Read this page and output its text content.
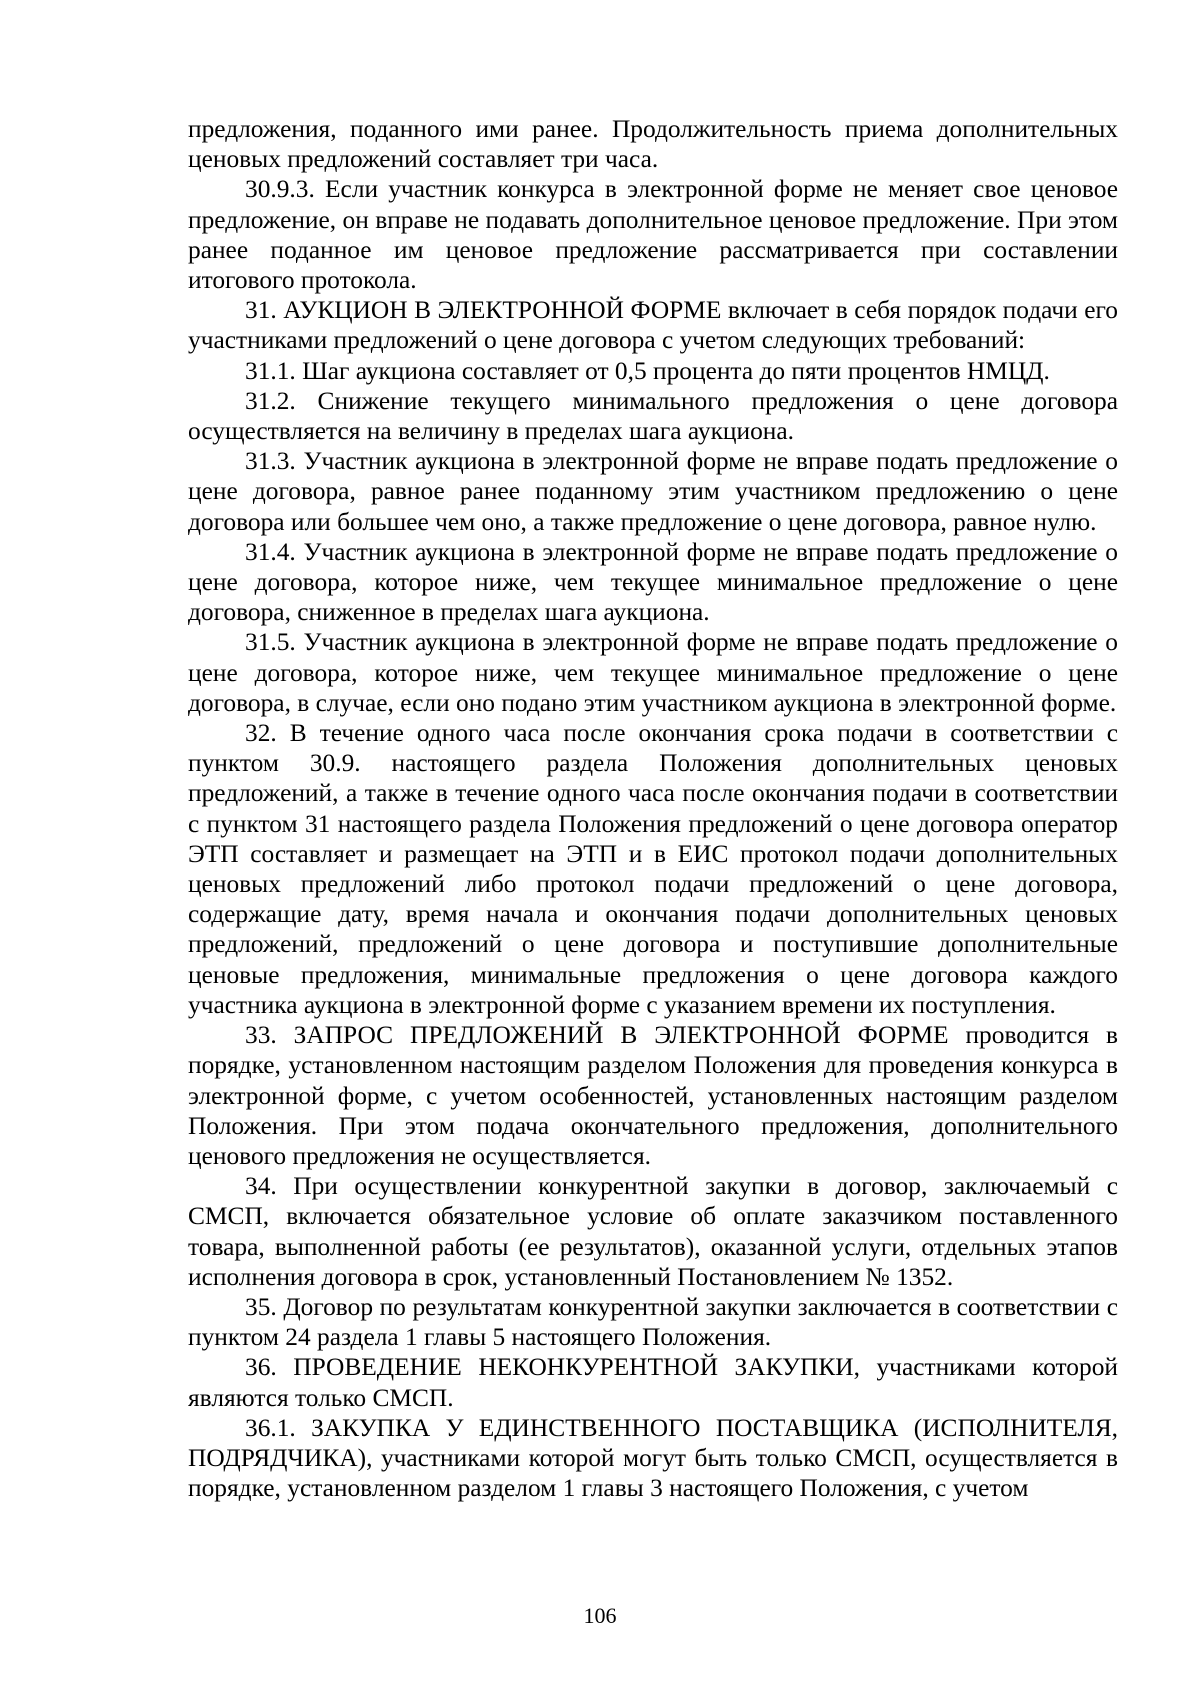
предложения, поданного ими ранее. Продолжительность приема дополнительных ценовых предложений составляет три часа.

30.9.3. Если участник конкурса в электронной форме не меняет свое ценовое предложение, он вправе не подавать дополнительное ценовое предложение. При этом ранее поданное им ценовое предложение рассматривается при составлении итогового протокола.

31. АУКЦИОН В ЭЛЕКТРОННОЙ ФОРМЕ включает в себя порядок подачи его участниками предложений о цене договора с учетом следующих требований:

31.1. Шаг аукциона составляет от 0,5 процента до пяти процентов НМЦД.

31.2. Снижение текущего минимального предложения о цене договора осуществляется на величину в пределах шага аукциона.

31.3. Участник аукциона в электронной форме не вправе подать предложение о цене договора, равное ранее поданному этим участником предложению о цене договора или большее чем оно, а также предложение о цене договора, равное нулю.

31.4. Участник аукциона в электронной форме не вправе подать предложение о цене договора, которое ниже, чем текущее минимальное предложение о цене договора, сниженное в пределах шага аукциона.

31.5. Участник аукциона в электронной форме не вправе подать предложение о цене договора, которое ниже, чем текущее минимальное предложение о цене договора, в случае, если оно подано этим участником аукциона в электронной форме.

32. В течение одного часа после окончания срока подачи в соответствии с пунктом 30.9. настоящего раздела Положения дополнительных ценовых предложений, а также в течение одного часа после окончания подачи в соответствии с пунктом 31 настоящего раздела Положения предложений о цене договора оператор ЭТП составляет и размещает на ЭТП и в ЕИС протокол подачи дополнительных ценовых предложений либо протокол подачи предложений о цене договора, содержащие дату, время начала и окончания подачи дополнительных ценовых предложений, предложений о цене договора и поступившие дополнительные ценовые предложения, минимальные предложения о цене договора каждого участника аукциона в электронной форме с указанием времени их поступления.

33. ЗАПРОС ПРЕДЛОЖЕНИЙ В ЭЛЕКТРОННОЙ ФОРМЕ проводится в порядке, установленном настоящим разделом Положения для проведения конкурса в электронной форме, с учетом особенностей, установленных настоящим разделом Положения. При этом подача окончательного предложения, дополнительного ценового предложения не осуществляется.

34. При осуществлении конкурентной закупки в договор, заключаемый с СМСП, включается обязательное условие об оплате заказчиком поставленного товара, выполненной работы (ее результатов), оказанной услуги, отдельных этапов исполнения договора в срок, установленный Постановлением № 1352.

35. Договор по результатам конкурентной закупки заключается в соответствии с пунктом 24 раздела 1 главы 5 настоящего Положения.

36. ПРОВЕДЕНИЕ НЕКОНКУРЕНТНОЙ ЗАКУПКИ, участниками которой являются только СМСП.

36.1. ЗАКУПКА У ЕДИНСТВЕННОГО ПОСТАВЩИКА (ИСПОЛНИТЕЛЯ, ПОДРЯДЧИКА), участниками которой могут быть только СМСП, осуществляется в порядке, установленном разделом 1 главы 3 настоящего Положения, с учетом

106
